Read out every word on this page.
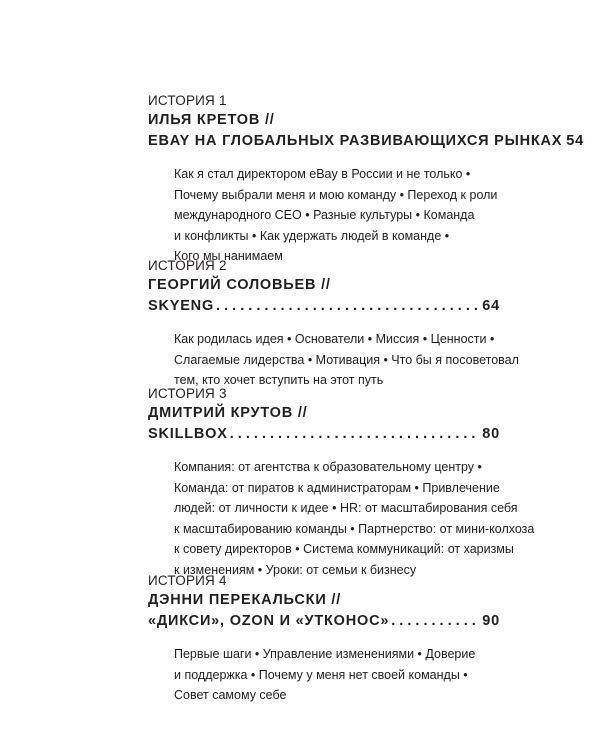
ИСТОРИЯ 1
ИЛЬЯ КРЕТОВ //
EBAY НА ГЛОБАЛЬНЫХ РАЗВИВАЮЩИХСЯ РЫНКАХ 54
Как я стал директором eBay в России и не только •
Почему выбрали меня и мою команду • Переход к роли
международного CEO • Разные культуры • Команда
и конфликты • Как удержать людей в команде •
Кого мы нанимаем
ИСТОРИЯ 2
ГЕОРГИЙ СОЛОВЬЕВ //
SKYENG . . .	64
Как родилась идея • Основатели • Миссия • Ценности •
Слагаемые лидерства • Мотивация • Что бы я посоветовал
тем, кто хочет вступить на этот путь
ИСТОРИЯ 3
ДМИТРИЙ КРУТОВ //
SKILLBOX . . .	80
Компания: от агентства к образовательному центру •
Команда: от пиратов к администраторам • Привлечение
людей: от личности к идее • HR: от масштабирования себя
к масштабированию команды • Партнерство: от мини-колхоза
к совету директоров • Система коммуникаций: от харизмы
к изменениям • Уроки: от семьи к бизнесу
ИСТОРИЯ 4
ДЭННИ ПЕРЕКАЛЬСКИ //
«ДИКСИ», OZON И «УТКОНОС» . . .	90
Первые шаги • Управление изменениями • Доверие
и поддержка • Почему у меня нет своей команды •
Совет самому себе
